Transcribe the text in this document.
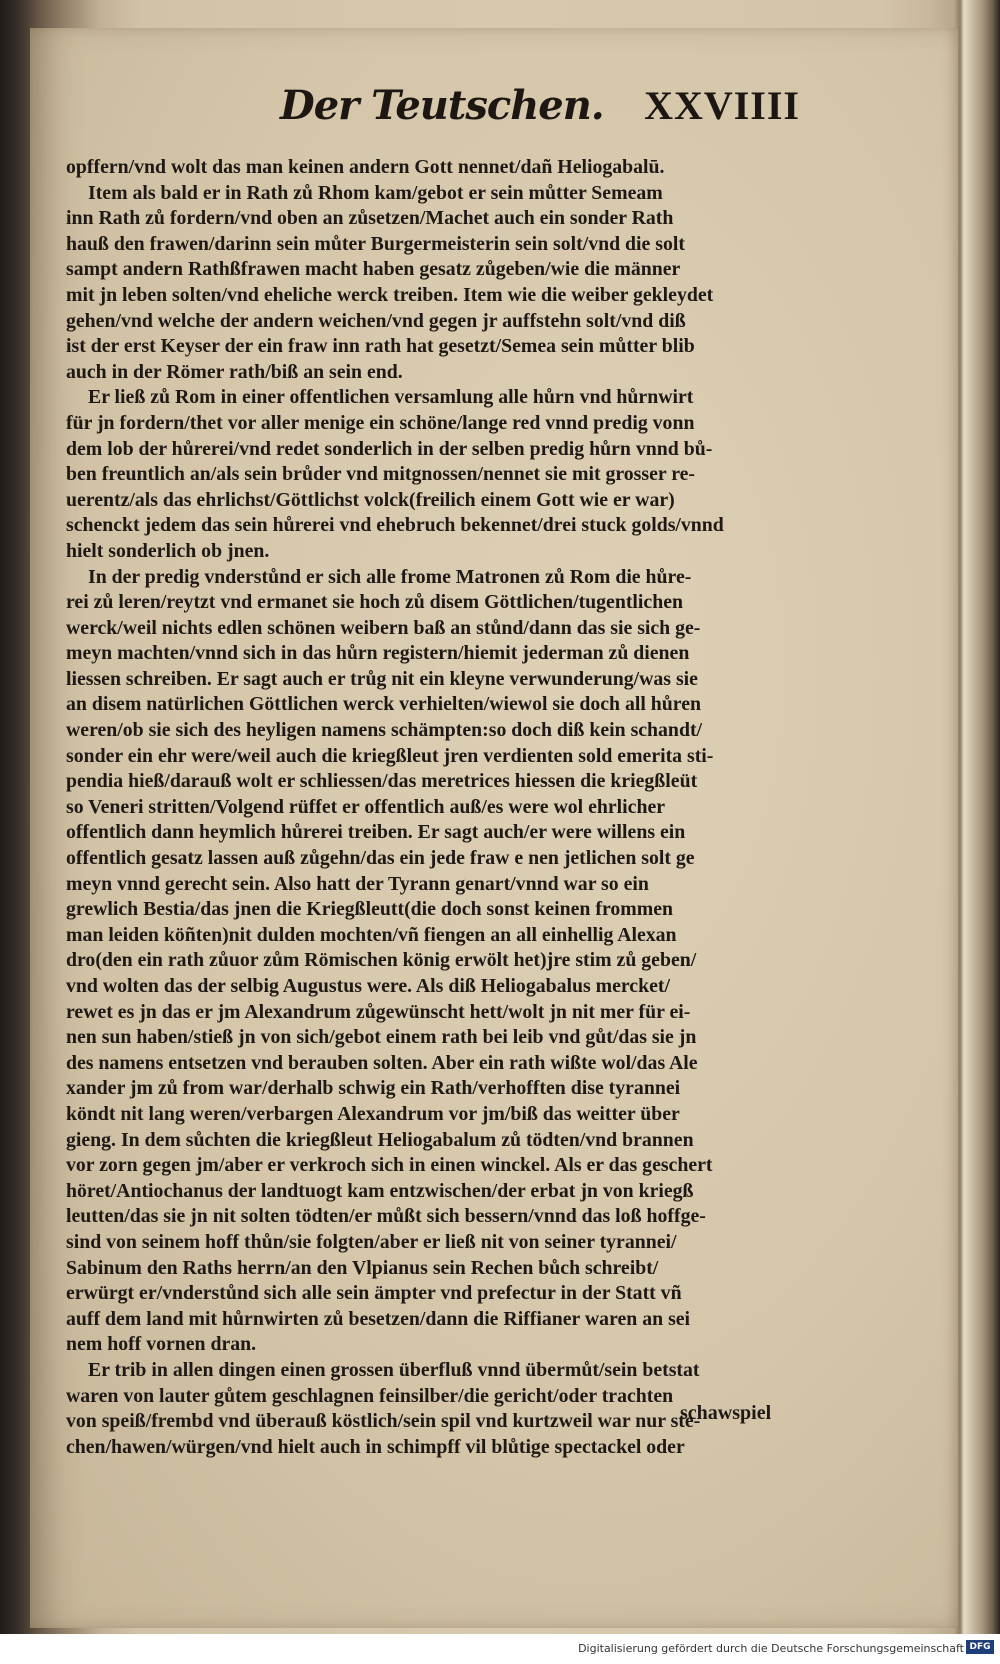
Der Teutschen. XXVIIII
opffern/vnd wolt das man keinen andern Gott nennet/dañ Heliogabalū.
Item als bald er in Rath zů Rhom kam/gebot er sein můtter Semeam
inn Rath zů fordern/vnd oben an zůsetzen/Machet auch ein sonder Rath
hauß den frawen/darinn sein můter Burgermeisterin sein solt/vnd die solt
sampt andern Rathßfrawen macht haben gesatz zůgeben/wie die männer
mit jn leben solten/vnd eheliche werck treiben. Item wie die weiber gekleydet
gehen/vnd welche der andern weichen/vnd gegen jr auffstehn solt/vnd diß
ist der erst Keyser der ein fraw inn rath hat gesetzt/Semea sein můtter blib
auch in der Römer rath/biß an sein end.
Er ließ zů Rom in einer offentlichen versamlung alle hůrn vnd hůrnwirt
für jn fordern/thet vor aller menige ein schöne/lange red vnnd predig vonn
dem lob der hůrerei/vnd redet sonderlich in der selben predig hůrn vnnd bů-
ben freuntlich an/als sein brůder vnd mitgnossen/nennet sie mit grosser re-
uerentz/als das ehrlichst/Göttlichst volck(freilich einem Gott wie er war)
schenckt jedem das sein hůrerei vnd ehebruch bekennet/drei stuck golds/vnnd
hielt sonderlich ob jnen.
In der predig vnderstůnd er sich alle frome Matronen zů Rom die hůre-
rei zů leren/reytzt vnd ermanet sie hoch zů disem Göttlichen/tugentlichen
werck/weil nichts edlen schönen weibern baß an stůnd/dann das sie sich ge-
meyn machten/vnnd sich in das hůrn registern/hiemit jederman zů dienen
liessen schreiben. Er sagt auch er trůg nit ein kleyne verwunderung/was sie
an disem natürlichen Göttlichen werck verhielten/wiewol sie doch all hůren
weren/ob sie sich des heyligen namens schämpten:so doch diß kein schandt/
sonder ein ehr were/weil auch die kriegßleut jren verdienten sold emerita sti-
pendia hieß/darauß wolt er schliessen/das meretrices hiessen die kriegßleüt
so Veneri stritten/Volgend rüffet er offentlich auß/es were wol ehrlicher
offentlich dann heymlich hůrerei treiben. Er sagt auch/er were willens ein
offentlich gesatz lassen auß zůgehn/das ein jede fraw e nen jetlichen solt ge
meyn vnnd gerecht sein. Also hatt der Tyrann genart/vnnd war so ein
grewlich Bestia/das jnen die Kriegßleutt(die doch sonst keinen frommen
man leiden köñten)nit dulden mochten/vñ fiengen an all einhellig Alexan
dro(den ein rath zůuor zům Römischen könig erwölt het)jre stim zů geben/
vnd wolten das der selbig Augustus were. Als diß Heliogabalus mercket/
rewet es jn das er jm Alexandrum zůgewünscht hett/wolt jn nit mer für ei-
nen sun haben/stieß jn von sich/gebot einem rath bei leib vnd gůt/das sie jn
des namens entsetzen vnd berauben solten. Aber ein rath wißte wol/das Ale
xander jm zů from war/derhalb schwig ein Rath/verhofften dise tyrannei
köndt nit lang weren/verbargen Alexandrum vor jm/biß das weitter über
gieng. In dem sůchten die kriegßleut Heliogabalum zů tödten/vnd brannen
vor zorn gegen jm/aber er verkroch sich in einen winckel. Als er das geschert
höret/Antiochanus der landtuogt kam entzwischen/der erbat jn von kriegß
leutten/das sie jn nit solten tödten/er můßt sich bessern/vnnd das loß hoffge-
sind von seinem hoff thůn/sie folgten/aber er ließ nit von seiner tyrannei/
Sabinum den Raths herrn/an den Vlpianus sein Rechen bůch schreibt/
erwürgt er/vnderstůnd sich alle sein ämpter vnd prefectur in der Statt vñ
auff dem land mit hůrnwirten zů besetzen/dann die Riffianer waren an sei
nem hoff vornen dran.
Er trib in allen dingen einen grossen überfluß vnnd übermůt/sein betstat
waren von lauter gůtem geschlagnen feinsilber/die gericht/oder trachten
von speiß/frembd vnd überauß köstlich/sein spil vnd kurtzweil war nur ste-
chen/hawen/würgen/vnd hielt auch in schimpff vil blůtige spectackel oder
schawspiel
Digitalisierung gefördert durch die Deutsche Forschungsgemeinschaft DFG
